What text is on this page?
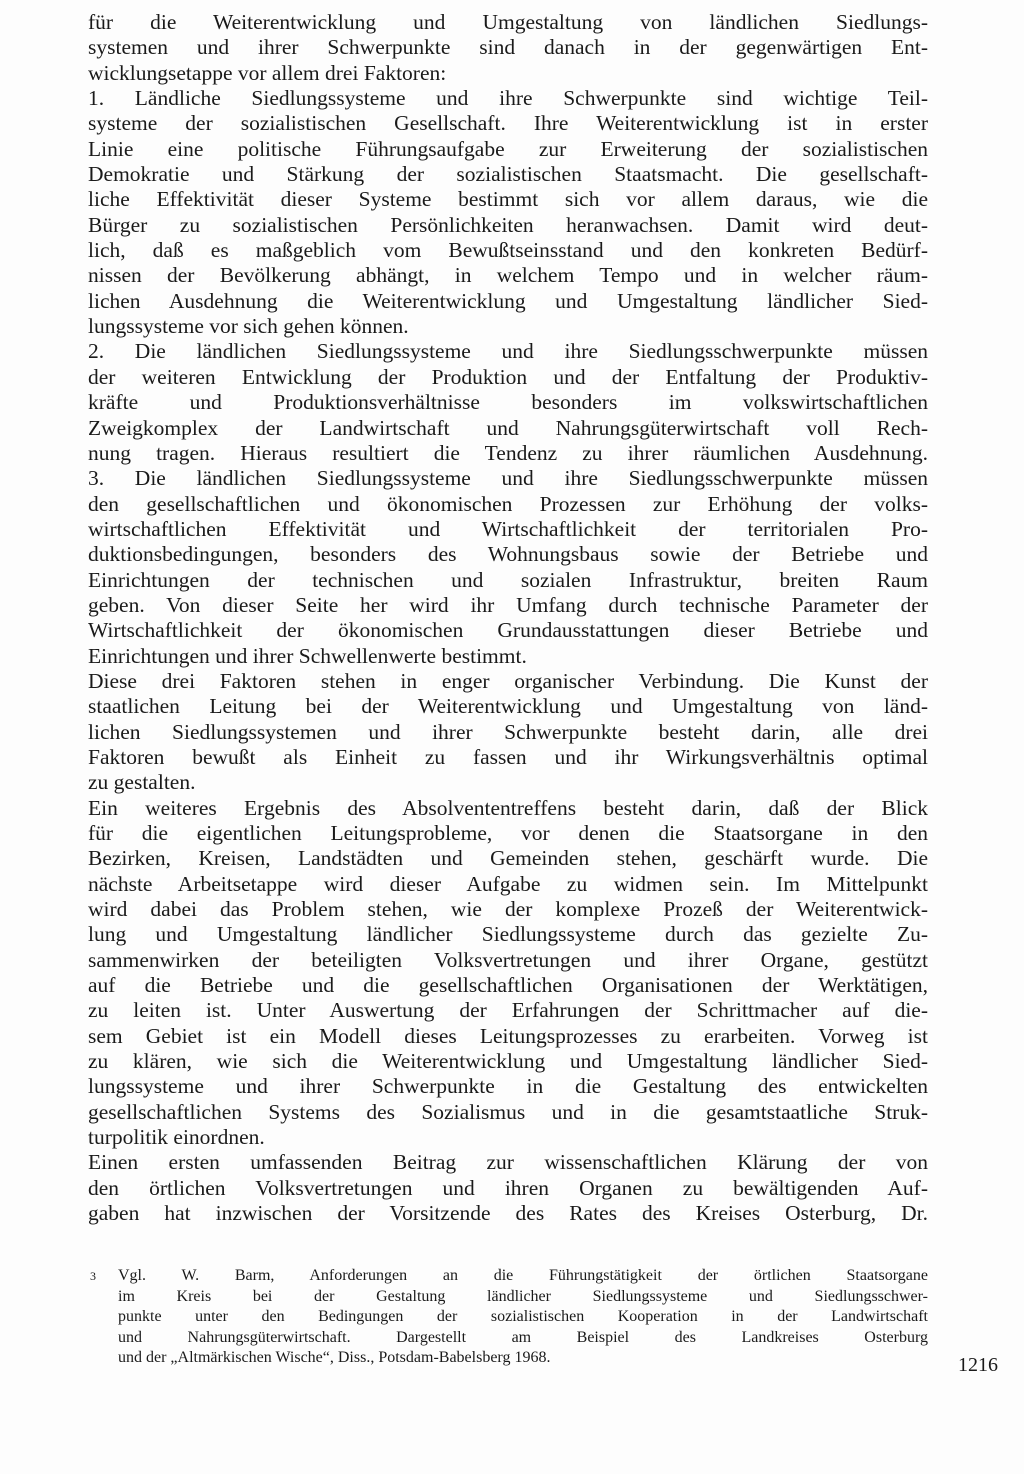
für die Weiterentwicklung und Umgestaltung von ländlichen Siedlungs-
systemen und ihrer Schwerpunkte sind danach in der gegenwärtigen Ent-
wicklungsetappe vor allem drei Faktoren:
1. Ländliche Siedlungssysteme und ihre Schwerpunkte sind wichtige Teil-
systeme der sozialistischen Gesellschaft. Ihre Weiterentwicklung ist in erster
Linie eine politische Führungsaufgabe zur Erweiterung der sozialistischen
Demokratie und Stärkung der sozialistischen Staatsmacht. Die gesellschaft-
liche Effektivität dieser Systeme bestimmt sich vor allem daraus, wie die
Bürger zu sozialistischen Persönlichkeiten heranwachsen. Damit wird deut-
lich, daß es maßgeblich vom Bewußtseinsstand und den konkreten Bedürf-
nissen der Bevölkerung abhängt, in welchem Tempo und in welcher räum-
lichen Ausdehnung die Weiterentwicklung und Umgestaltung ländlicher Sied-
lungssysteme vor sich gehen können.
2. Die ländlichen Siedlungssysteme und ihre Siedlungsschwerpunkte müssen
der weiteren Entwicklung der Produktion und der Entfaltung der Produktiv-
kräfte und Produktionsverhältnisse besonders im volkswirtschaftlichen
Zweigkomplex der Landwirtschaft und Nahrungsgüterwirtschaft voll Rech-
nung tragen. Hieraus resultiert die Tendenz zu ihrer räumlichen Ausdehnung.
3. Die ländlichen Siedlungssysteme und ihre Siedlungsschwerpunkte müssen
den gesellschaftlichen und ökonomischen Prozessen zur Erhöhung der volks-
wirtschaftlichen Effektivität und Wirtschaftlichkeit der territorialen Pro-
duktionsbedingungen, besonders des Wohnungsbaus sowie der Betriebe und
Einrichtungen der technischen und sozialen Infrastruktur, breiten Raum
geben. Von dieser Seite her wird ihr Umfang durch technische Parameter der
Wirtschaftlichkeit der ökonomischen Grundausstattungen dieser Betriebe und
Einrichtungen und ihrer Schwellenwerte bestimmt.
Diese drei Faktoren stehen in enger organischer Verbindung. Die Kunst der
staatlichen Leitung bei der Weiterentwicklung und Umgestaltung von länd-
lichen Siedlungssystemen und ihrer Schwerpunkte besteht darin, alle drei
Faktoren bewußt als Einheit zu fassen und ihr Wirkungsverhältnis optimal
zu gestalten.
Ein weiteres Ergebnis des Absolvententreffens besteht darin, daß der Blick
für die eigentlichen Leitungsprobleme, vor denen die Staatsorgane in den
Bezirken, Kreisen, Landstädten und Gemeinden stehen, geschärft wurde. Die
nächste Arbeitsetappe wird dieser Aufgabe zu widmen sein. Im Mittelpunkt
wird dabei das Problem stehen, wie der komplexe Prozeß der Weiterentwick-
lung und Umgestaltung ländlicher Siedlungssysteme durch das gezielte Zu-
sammenwirken der beteiligten Volksvertretungen und ihrer Organe, gestützt
auf die Betriebe und die gesellschaftlichen Organisationen der Werktätigen,
zu leiten ist. Unter Auswertung der Erfahrungen der Schrittmacher auf die-
sem Gebiet ist ein Modell dieses Leitungsprozesses zu erarbeiten. Vorweg ist
zu klären, wie sich die Weiterentwicklung und Umgestaltung ländlicher Sied-
lungssysteme und ihrer Schwerpunkte in die Gestaltung des entwickelten
gesellschaftlichen Systems des Sozialismus und in die gesamtstaatliche Struk-
turpolitik einordnen.
Einen ersten umfassenden Beitrag zur wissenschaftlichen Klärung der von
den örtlichen Volksvertretungen und ihren Organen zu bewältigenden Auf-
gaben hat inzwischen der Vorsitzende des Rates des Kreises Osterburg, Dr.
3 Vgl. W. Barm, Anforderungen an die Führungstätigkeit der örtlichen Staatsorgane
im Kreis bei der Gestaltung ländlicher Siedlungssysteme und Siedlungsschwer-
punkte unter den Bedingungen der sozialistischen Kooperation in der Landwirtschaft
und Nahrungsgüterwirtschaft. Dargestellt am Beispiel des Landkreises Osterburg
und der „Altmärkischen Wische“, Diss., Potsdam-Babelsberg 1968.	1216
